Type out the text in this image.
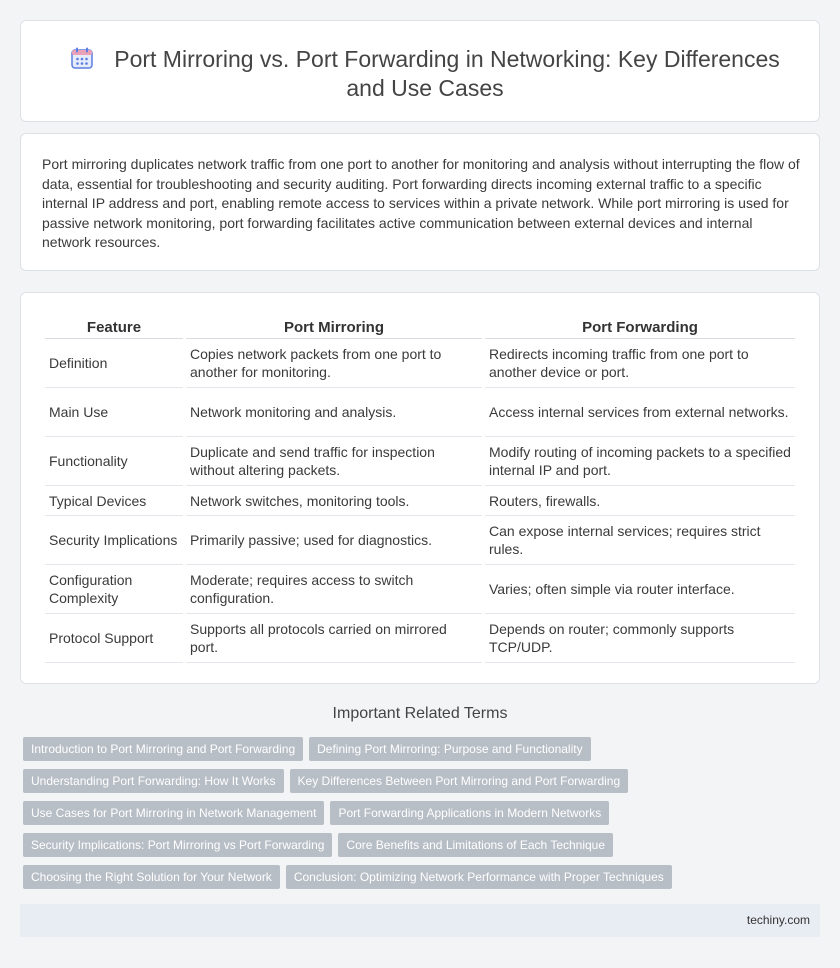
Port Mirroring vs. Port Forwarding in Networking: Key Differences and Use Cases

Port mirroring duplicates network traffic from one port to another for monitoring and analysis without interrupting the flow of data, essential for troubleshooting and security auditing. Port forwarding directs incoming external traffic to a specific internal IP address and port, enabling remote access to services within a private network. While port mirroring is used for passive network monitoring, port forwarding facilitates active communication between external devices and internal network resources.

Feature	Port Mirroring	Port Forwarding
Definition	Copies network packets from one port to another for monitoring.	Redirects incoming traffic from one port to another device or port.
Main Use	Network monitoring and analysis.	Access internal services from external networks.
Functionality	Duplicate and send traffic for inspection without altering packets.	Modify routing of incoming packets to a specified internal IP and port.
Typical Devices	Network switches, monitoring tools.	Routers, firewalls.
Security Implications	Primarily passive; used for diagnostics.	Can expose internal services; requires strict rules.
Configuration Complexity	Moderate; requires access to switch configuration.	Varies; often simple via router interface.
Protocol Support	Supports all protocols carried on mirrored port.	Depends on router; commonly supports TCP/UDP.
Important Related Terms
Introduction to Port Mirroring and Port Forwarding Defining Port Mirroring: Purpose and Functionality
Understanding Port Forwarding: How It Works Key Differences Between Port Mirroring and Port Forwarding
Use Cases for Port Mirroring in Network Management Port Forwarding Applications in Modern Networks
Security Implications: Port Mirroring vs Port Forwarding Core Benefits and Limitations of Each Technique
Choosing the Right Solution for Your Network Conclusion: Optimizing Network Performance with Proper Techniques
techiny.com
